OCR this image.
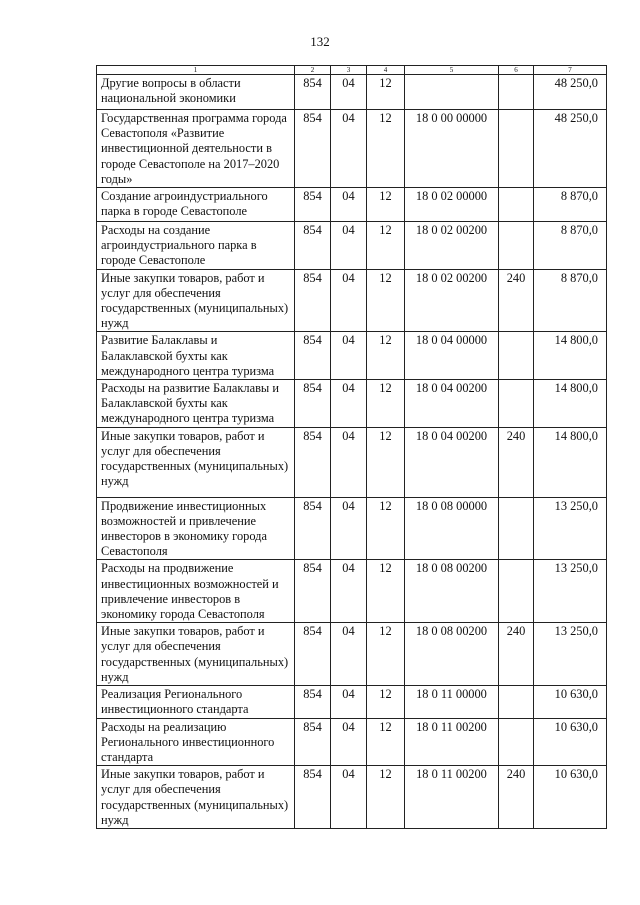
132
1	2	3	4	5	6	7
Другие вопросы в области национальной экономики	854	04	12			48 250,0
Государственная программа города Севастополя «Развитие инвестиционной деятельности в городе Севастополе на 2017–2020 годы»	854	04	12	18 0 00 00000		48 250,0
Создание агроиндустриального парка в городе Севастополе	854	04	12	18 0 02 00000		8 870,0
Расходы на создание агроиндустриального парка в городе Севастополе	854	04	12	18 0 02 00200		8 870,0
Иные закупки товаров, работ и услуг для обеспечения государственных (муниципальных) нужд	854	04	12	18 0 02 00200	240	8 870,0
Развитие Балаклавы и Балаклавской бухты как международного центра туризма	854	04	12	18 0 04 00000		14 800,0
Расходы на развитие Балаклавы и Балаклавской бухты как международного центра туризма	854	04	12	18 0 04 00200		14 800,0
Иные закупки товаров, работ и услуг для обеспечения государственных (муниципальных) нужд	854	04	12	18 0 04 00200	240	14 800,0
Продвижение инвестиционных возможностей и привлечение инвесторов в экономику города Севастополя	854	04	12	18 0 08 00000		13 250,0
Расходы на продвижение инвестиционных возможностей и привлечение инвесторов в экономику города Севастополя	854	04	12	18 0 08 00200		13 250,0
Иные закупки товаров, работ и услуг для обеспечения государственных (муниципальных) нужд	854	04	12	18 0 08 00200	240	13 250,0
Реализация Регионального инвестиционного стандарта	854	04	12	18 0 11 00000		10 630,0
Расходы на реализацию Регионального инвестиционного стандарта	854	04	12	18 0 11 00200		10 630,0
Иные закупки товаров, работ и услуг для обеспечения государственных (муниципальных) нужд	854	04	12	18 0 11 00200	240	10 630,0
